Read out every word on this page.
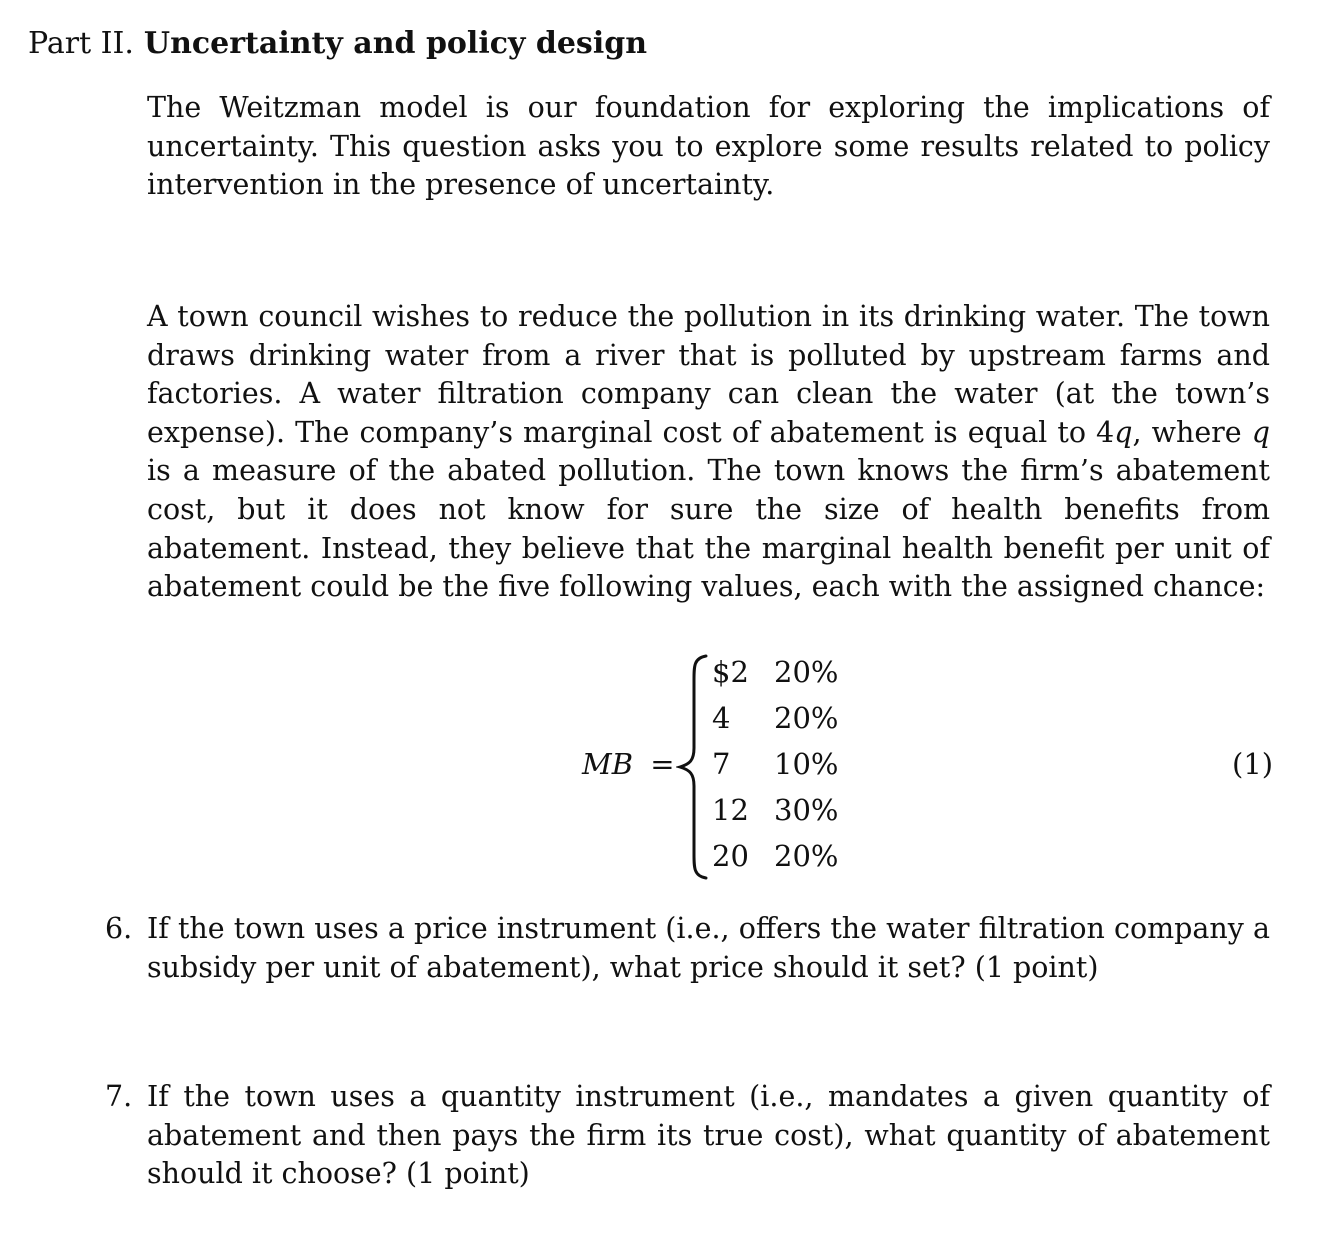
Part II. Uncertainty and policy design
The Weitzman model is our foundation for exploring the implications of uncertainty. This question asks you to explore some results related to policy intervention in the presence of uncertainty.
A town council wishes to reduce the pollution in its drinking water. The town draws drinking water from a river that is polluted by upstream farms and factories. A water filtration company can clean the water (at the town’s expense). The company’s marginal cost of abatement is equal to 4q, where q is a measure of the abated pollution. The town knows the firm’s abatement cost, but it does not know for sure the size of health benefits from abatement. Instead, they believe that the marginal health benefit per unit of abatement could be the five following values, each with the assigned chance:
MB =
$2 20%
4 20%
7 10%
12 30%
20 20%
(1)
6. If the town uses a price instrument (i.e., offers the water filtration company a subsidy per unit of abatement), what price should it set? (1 point)
7. If the town uses a quantity instrument (i.e., mandates a given quantity of abatement and then pays the firm its true cost), what quantity of abatement should it choose? (1 point)
